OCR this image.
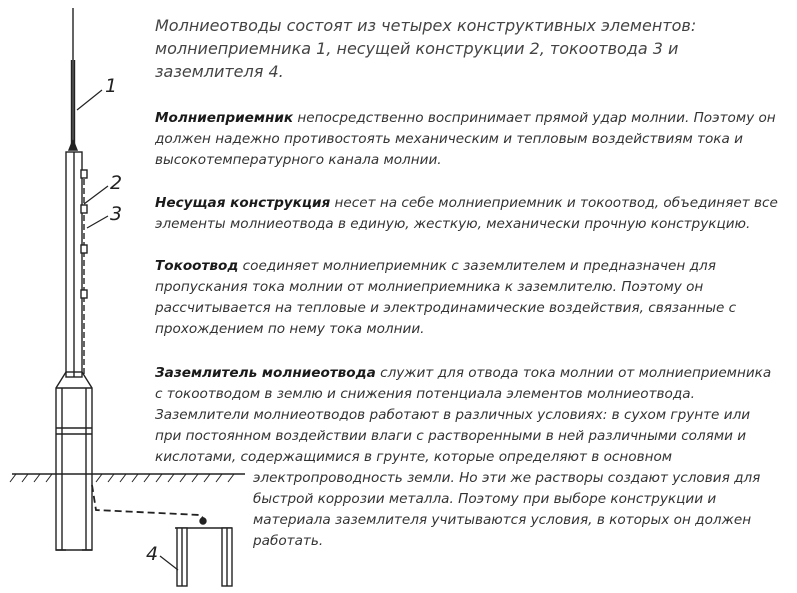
1
2
3
4

Молниеотводы состоят из четырех конструктивных элементов: молниеприемника 1, несущей конструкции 2, токоотвода 3 и заземлителя 4.

Молниеприемник непосредственно воспринимает прямой удар молнии. Поэтому он должен надежно противостоять механическим и тепловым воздействиям тока и высокотемпературного канала молнии.

Несущая конструкция несет на себе молниеприемник и токоотвод, объединяет все элементы молниеотвода в единую, жесткую, механически прочную конструкцию.

Токоотвод соединяет молниеприемник с заземлителем и предназначен для пропускания тока молнии от молниеприемника к заземлителю. Поэтому он рассчитывается на тепловые и электродинамические воздействия, связанные с прохождением по нему тока молнии.

Заземлитель молниеотвода служит для отвода тока молнии от молниеприемника
с токоотводом в землю и снижения потенциала элементов молниеотвода.
Заземлители молниеотводов работают в различных условиях: в сухом грунте или
при постоянном воздействии влаги с растворенными в ней различными солями и
кислотами, содержащимися в грунте, которые определяют в основном
электропроводность земли. Но эти же растворы создают условия для
быстрой коррозии металла. Поэтому при выборе конструкции и
материала заземлителя учитываются условия, в которых он должен
работать.
